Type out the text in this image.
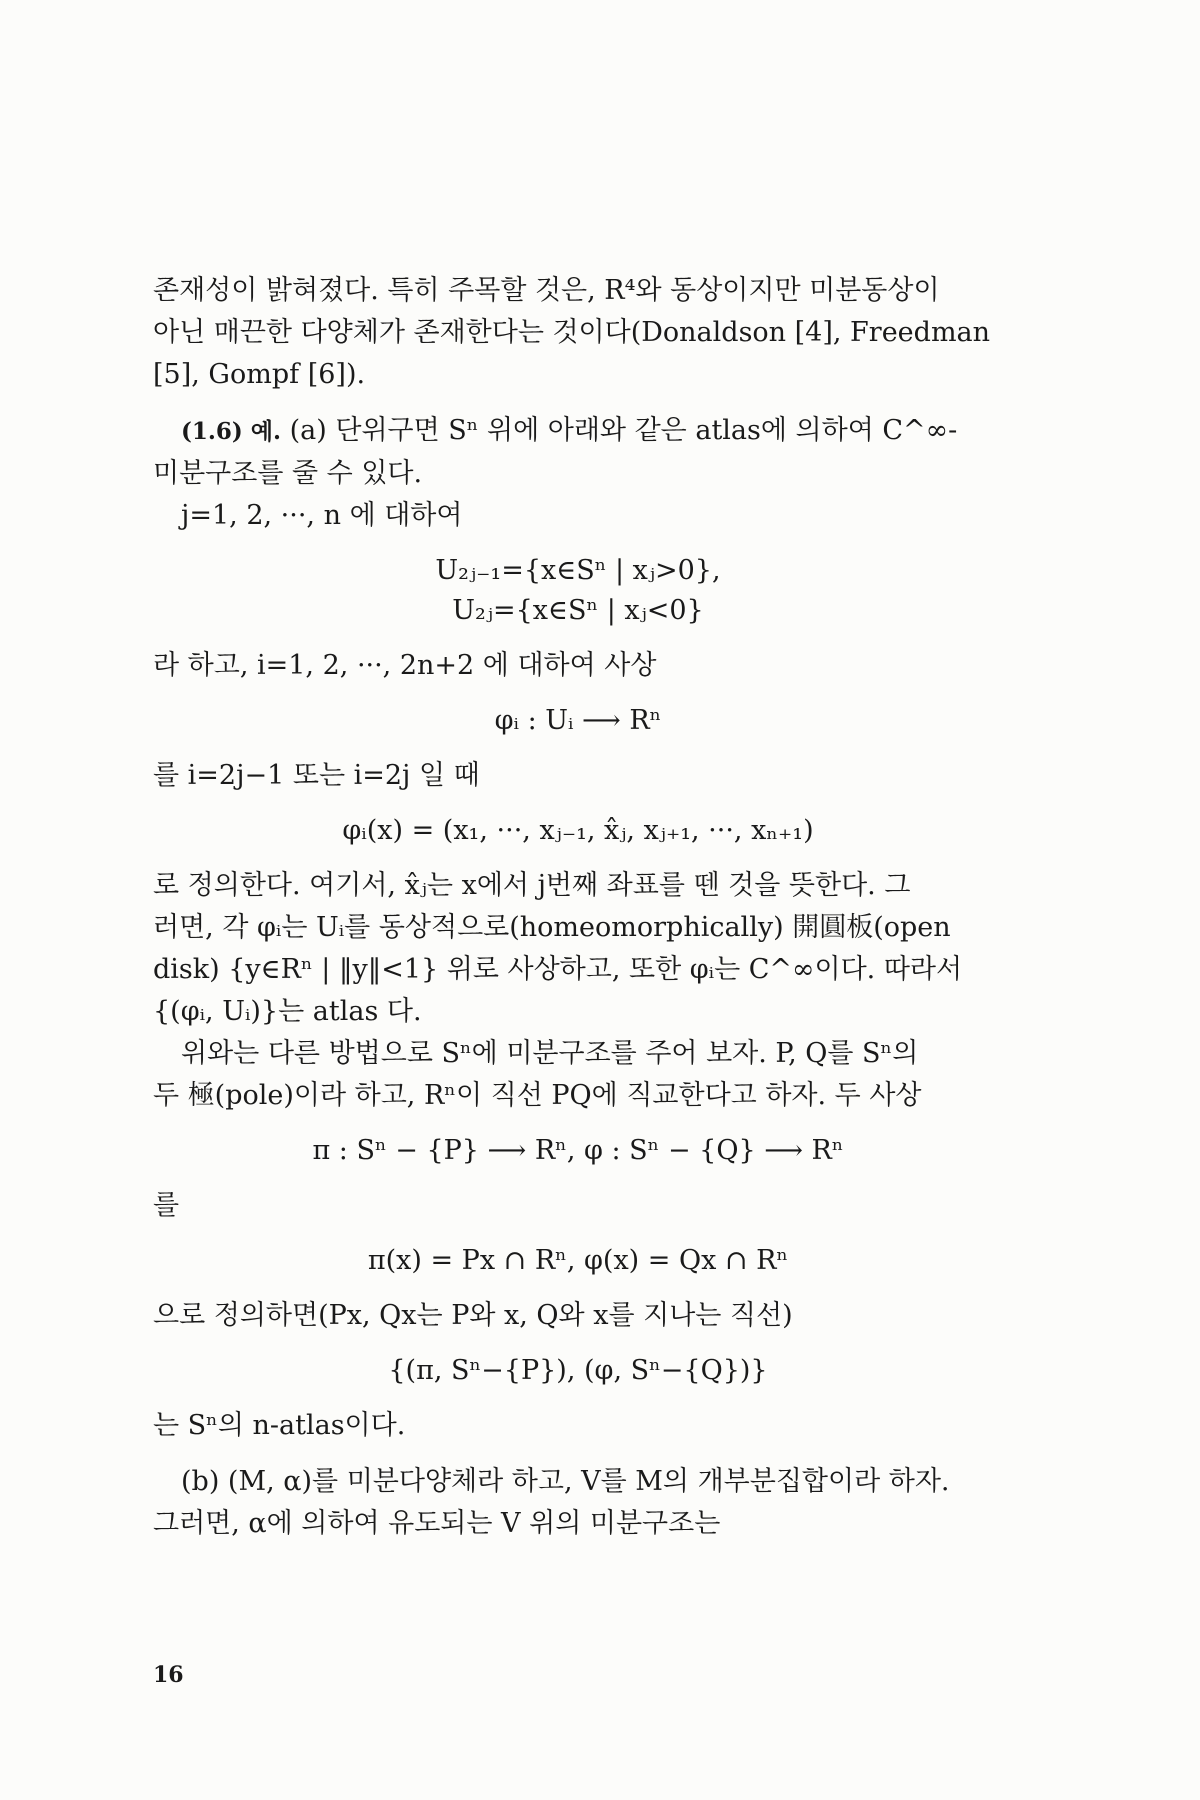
존재성이 밝혀졌다. 특히 주목할 것은, R⁴와 동상이지만 미분동상이

아닌 매끈한 다양체가 존재한다는 것이다(Donaldson [4], Freedman

[5], Gompf [6]).

(1.6) 예. (a) 단위구면 Sⁿ 위에 아래와 같은 atlas에 의하여 C^∞-

미분구조를 줄 수 있다.

j=1, 2, ···, n 에 대하여

U₂ⱼ₋₁={x∈Sⁿ | xⱼ>0},
U₂ⱼ={x∈Sⁿ | xⱼ<0}

라 하고, i=1, 2, ···, 2n+2 에 대하여 사상

φᵢ : Uᵢ ⟶ Rⁿ

를 i=2j−1 또는 i=2j 일 때

φᵢ(x) = (x₁, ···, xⱼ₋₁, x̂ⱼ, xⱼ₊₁, ···, xₙ₊₁)

로 정의한다. 여기서, x̂ⱼ는 x에서 j번째 좌표를 뗀 것을 뜻한다. 그

러면, 각 φᵢ는 Uᵢ를 동상적으로(homeomorphically) 開圓板(open

disk) {y∈Rⁿ | ‖y‖<1} 위로 사상하고, 또한 φᵢ는 C^∞이다. 따라서

{(φᵢ, Uᵢ)}는 atlas 다.

위와는 다른 방법으로 Sⁿ에 미분구조를 주어 보자. P, Q를 Sⁿ의

두 極(pole)이라 하고, Rⁿ이 직선 PQ에 직교한다고 하자. 두 사상

π : Sⁿ − {P} ⟶ Rⁿ, φ : Sⁿ − {Q} ⟶ Rⁿ

를

π(x) = Px ∩ Rⁿ, φ(x) = Qx ∩ Rⁿ

으로 정의하면(Px, Qx는 P와 x, Q와 x를 지나는 직선)

{(π, Sⁿ−{P}), (φ, Sⁿ−{Q})}

는 Sⁿ의 n-atlas이다.

(b) (M, α)를 미분다양체라 하고, V를 M의 개부분집합이라 하자.

그러면, α에 의하여 유도되는 V 위의 미분구조는

16
